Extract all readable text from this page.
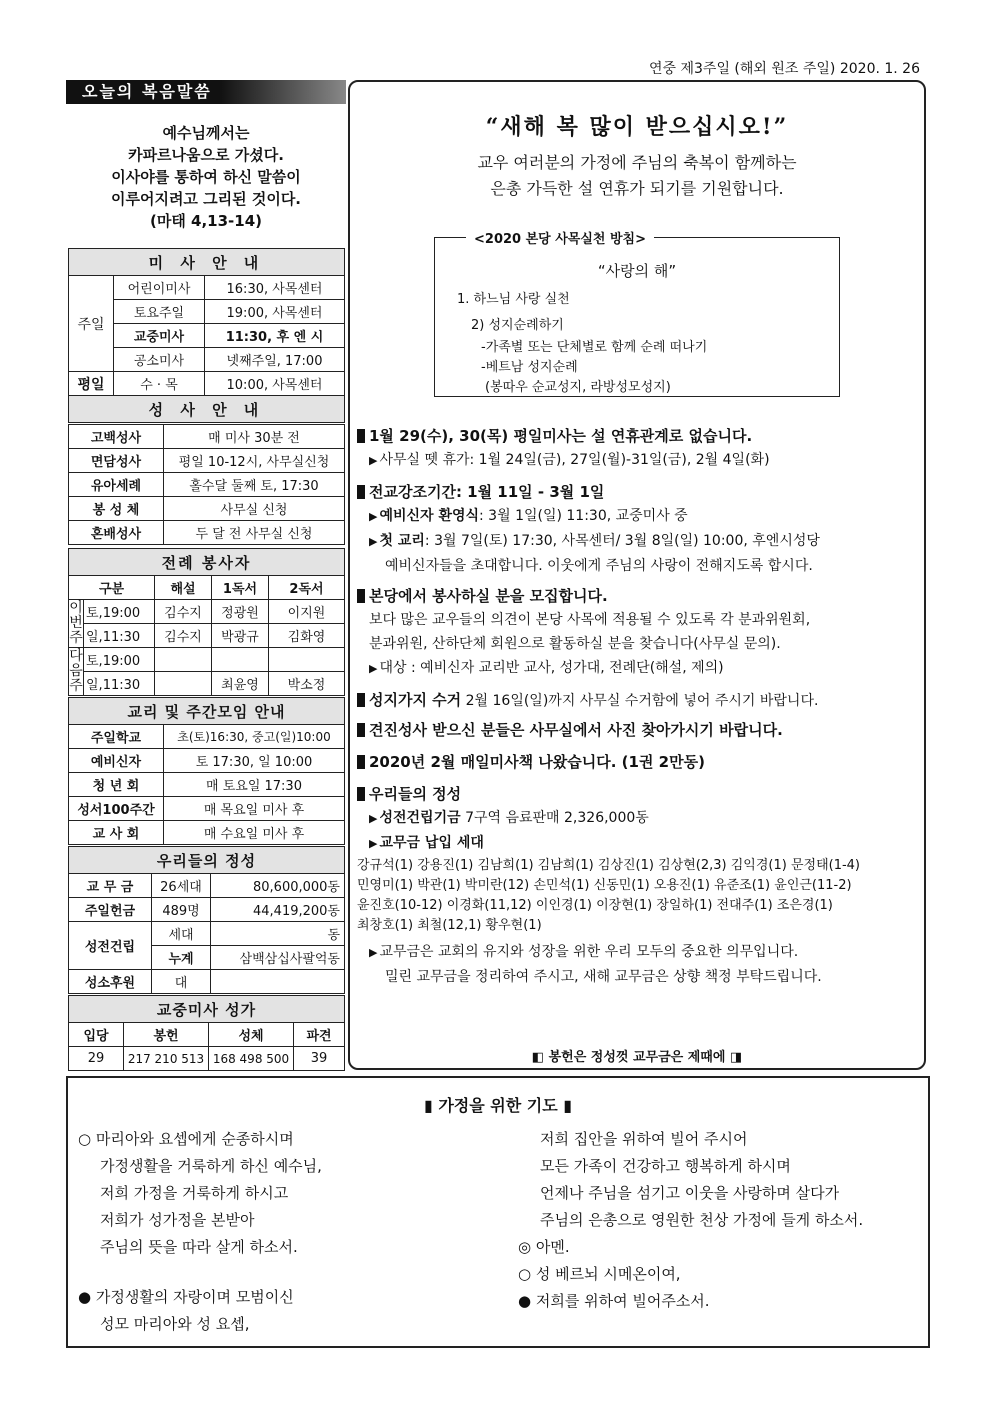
연중 제3주일 (해외 원조 주일) 2020. 1. 26
오늘의 복음말씀
예수님께서는
카파르나움으로 가셨다.
이사야를 통하여 하신 말씀이
이루어지려고 그리된 것이다.
(마태 4,13-14)
미 사 안 내		
주일	어린이미사	16:30, 사목센터
	토요주일	19:00, 사목센터
	교중미사	11:30, 후 엔 시
	공소미사	넷째주일, 17:00
평일	수 · 목	10:00, 사목센터
성 사 안 내		
고백성사	매 미사 30분 전
면담성사	평일 10-12시, 사무실신청
유아세례	홀수달 둘째 토, 17:30
봉 성 체	사무실 신청
혼배성사	두 달 전 사무실 신청
전례 봉사자				
구분		해설	1독서	2독서
이번주	토,19:00	김수지	정광원	이지원
	일,11:30	김수지	박광규	김화영
다음주	토,19:00			
	일,11:30		최윤영	박소정
교리 및 주간모임 안내	
주일학교	초(토)16:30, 중고(일)10:00
예비신자	토 17:30, 일 10:00
청 년 회	매 토요일 17:30
성서100주간	매 목요일 미사 후
교 사 회	매 수요일 미사 후
우리들의 정성		
교 무 금	26세대	80,600,000동
주일헌금	489명	44,419,200동
성전건립	세대	동
	누계	삼백삼십사팔억동
성소후원	대	
교중미사 성가			
입당	봉헌	성체	파견
29	217 210 513	168 498 500	39
“새해 복 많이 받으십시오!”
교우 여러분의 가정에 주님의 축복이 함께하는
은총 가득한 설 연휴가 되기를 기원합니다.
“사랑의 해”
1. 하느님 사랑 실천
2) 성지순례하기
-가족별 또는 단체별로 함께 순례 떠나기
-베트남 성지순례
(봉따우 순교성지, 라방성모성지)
<2020 본당 사목실천 방침>
1월 29(수), 30(목) 평일미사는 설 연휴관계로 없습니다.
▶ 사무실 뗏 휴가: 1월 24일(금), 27일(월)-31일(금), 2월 4일(화)
전교강조기간: 1월 11일 - 3월 1일
▶ 예비신자 환영식: 3월 1일(일) 11:30, 교중미사 중
▶ 첫 교리: 3월 7일(토) 17:30, 사목센터/ 3월 8일(일) 10:00, 후엔시성당
예비신자들을 초대합니다. 이웃에게 주님의 사랑이 전해지도록 합시다.
본당에서 봉사하실 분을 모집합니다.
보다 많은 교우들의 의견이 본당 사목에 적용될 수 있도록 각 분과위원회,
분과위원, 산하단체 회원으로 활동하실 분을 찾습니다(사무실 문의).
▶ 대상 : 예비신자 교리반 교사, 성가대, 전례단(해설, 제의)
성지가지 수거 2월 16일(일)까지 사무실 수거함에 넣어 주시기 바랍니다.
견진성사 받으신 분들은 사무실에서 사진 찾아가시기 바랍니다.
2020년 2월 매일미사책 나왔습니다. (1권 2만동)
우리들의 정성
▶ 성전건립기금 7구역 음료판매 2,326,000동
▶ 교무금 납입 세대
강규석(1) 강용진(1) 김남희(1) 김남희(1) 김상진(1) 김상현(2,3) 김익경(1) 문정태(1-4)
민영미(1) 박관(1) 박미란(12) 손민석(1) 신동민(1) 오용진(1) 유준조(1) 윤인근(11-2)
윤진호(10-12) 이경화(11,12) 이인경(1) 이장현(1) 장일하(1) 전대주(1) 조은경(1)
최창호(1) 최철(12,1) 황우현(1)
▶ 교무금은 교회의 유지와 성장을 위한 우리 모두의 중요한 의무입니다.
밀린 교무금을 정리하여 주시고, 새해 교무금은 상향 책정 부탁드립니다.
◧ 봉헌은 정성껏 교무금은 제때에 ◨
▮ 가정을 위한 기도 ▮
○ 마리아와 요셉에게 순종하시며
가정생활을 거룩하게 하신 예수님,
저희 가정을 거룩하게 하시고
저희가 성가정을 본받아
주님의 뜻을 따라 살게 하소서.
● 가정생활의 자랑이며 모범이신
성모 마리아와 성 요셉,
저희 집안을 위하여 빌어 주시어
모든 가족이 건강하고 행복하게 하시며
언제나 주님을 섬기고 이웃을 사랑하며 살다가
주님의 은총으로 영원한 천상 가정에 들게 하소서.
◎ 아멘.
○ 성 베르뇌 시메온이여,
● 저희를 위하여 빌어주소서.
